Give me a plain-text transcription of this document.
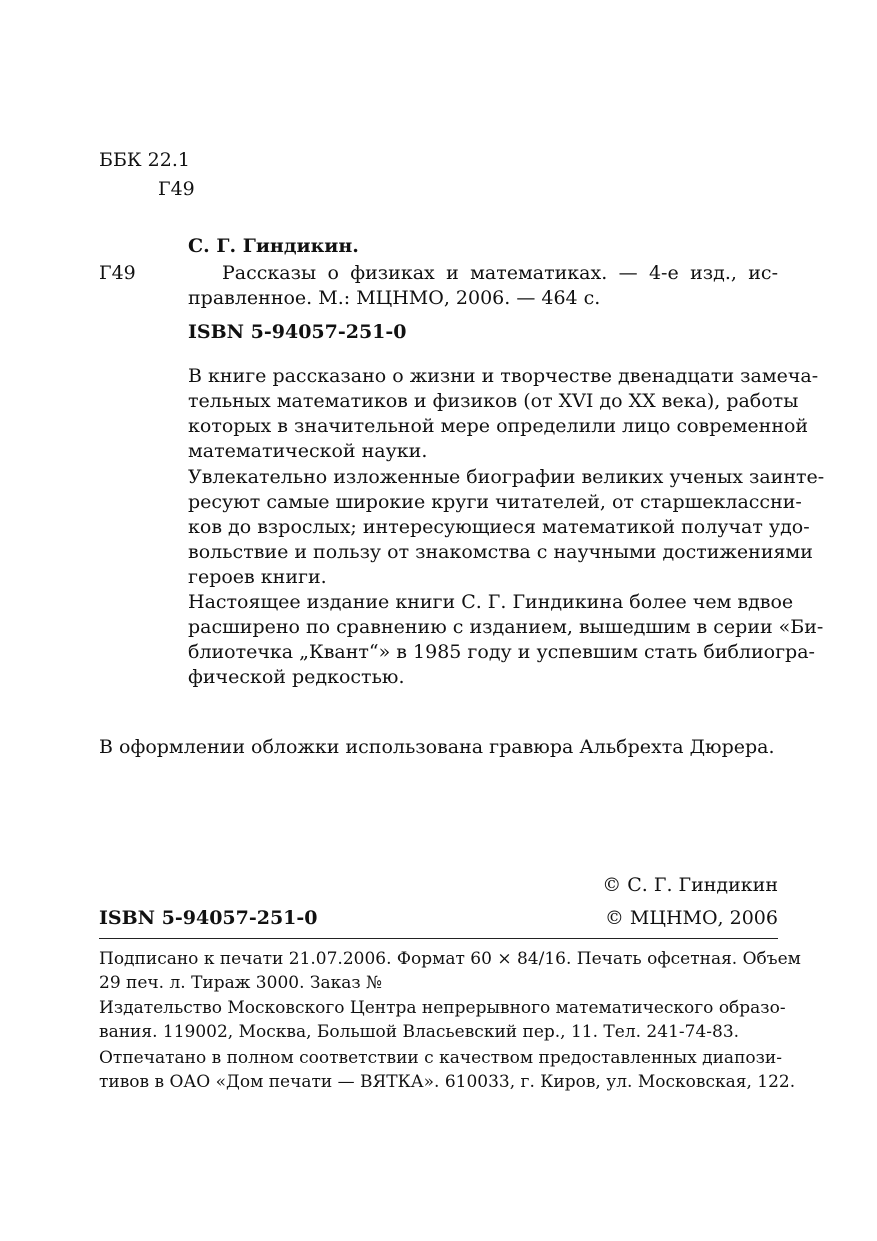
ББК 22.1
Г49
С. Г. Гиндикин.
Г49	Рассказы о физиках и математиках. — 4-е изд., ис-
правленное. М.: МЦНМО, 2006. — 464 с.
ISBN 5-94057-251-0
В книге рассказано о жизни и творчестве двенадцати замеча-
тельных математиков и физиков (от XVI до XX века), работы
которых в значительной мере определили лицо современной
математической науки.
Увлекательно изложенные биографии великих ученых заинте-
ресуют самые широкие круги читателей, от старшеклассни-
ков до взрослых; интересующиеся математикой получат удо-
вольствие и пользу от знакомства с научными достижениями
героев книги.
Настоящее издание книги С. Г. Гиндикина более чем вдвое
расширено по сравнению с изданием, вышедшим в серии «Би-
блиотечка „Квант“» в 1985 году и успевшим стать библиогра-
фической редкостью.
В оформлении обложки использована гравюра Альбрехта Дюрера.
© С. Г. Гиндикин
ISBN 5-94057-251-0	© МЦНМО, 2006
Подписано к печати 21.07.2006. Формат 60 × 84/16. Печать офсетная. Объем
29 печ. л. Тираж 3000. Заказ №
Издательство Московского Центра непрерывного математического образо-
вания. 119002, Москва, Большой Власьевский пер., 11. Тел. 241-74-83.
Отпечатано в полном соответствии с качеством предоставленных диапози-
тивов в ОАО «Дом печати — ВЯТКА». 610033, г. Киров, ул. Московская, 122.
